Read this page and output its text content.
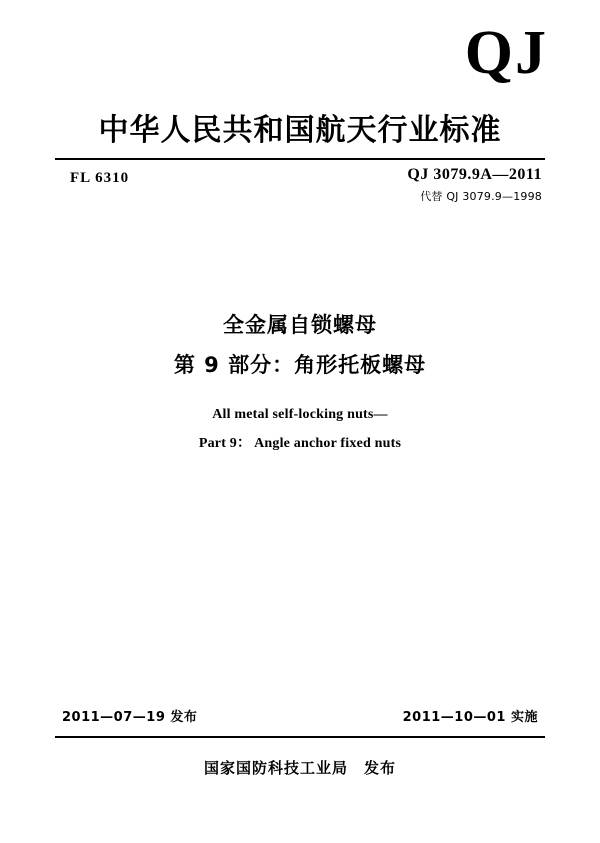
QJ
中华人民共和国航天行业标准
FL 6310	QJ 3079.9A—2011
代替 QJ 3079.9—1998
全金属自锁螺母
第 9 部分：角形托板螺母
All metal self-locking nuts—
Part 9： Angle anchor fixed nuts
2011—07—19 发布	2011—10—01 实施
国家国防科技工业局　发布
